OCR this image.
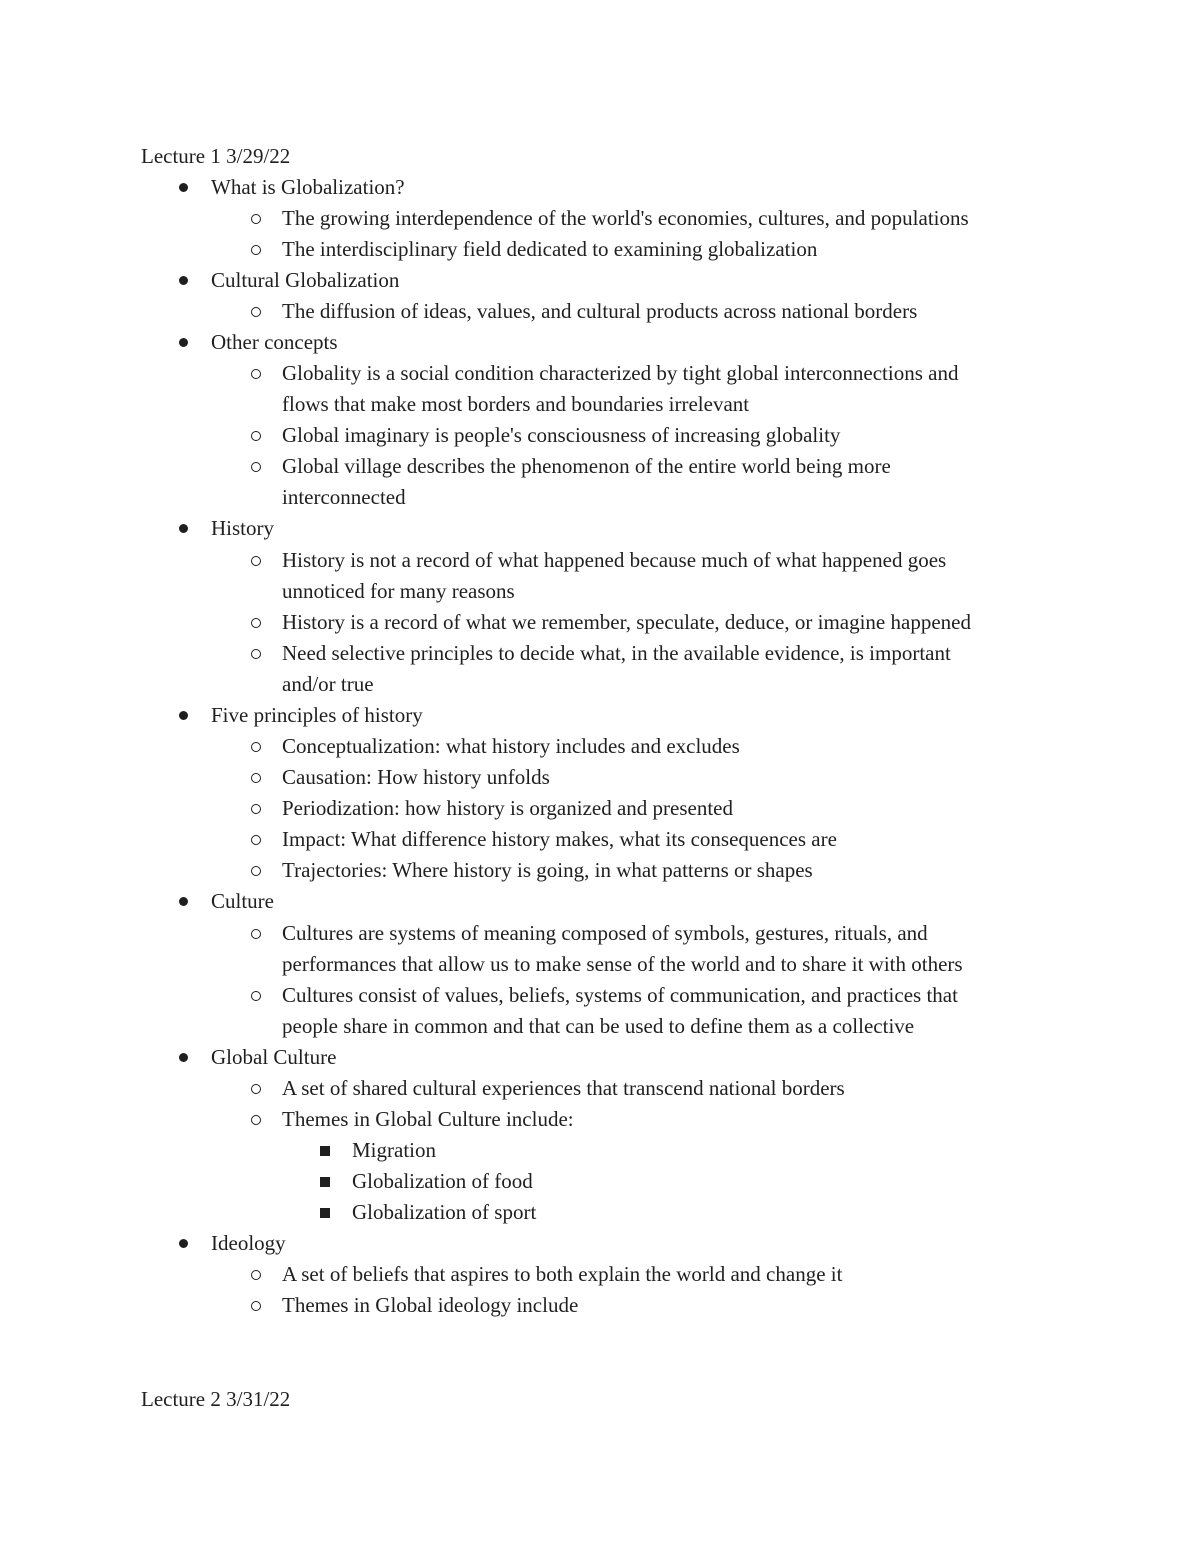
Lecture 1 3/29/22
What is Globalization?
The growing interdependence of the world's economies, cultures, and populations
The interdisciplinary field dedicated to examining globalization
Cultural Globalization
The diffusion of ideas, values, and cultural products across national borders
Other concepts
Globality is a social condition characterized by tight global interconnections and
flows that make most borders and boundaries irrelevant
Global imaginary is people's consciousness of increasing globality
Global village describes the phenomenon of the entire world being more
interconnected
History
History is not a record of what happened because much of what happened goes
unnoticed for many reasons
History is a record of what we remember, speculate, deduce, or imagine happened
Need selective principles to decide what, in the available evidence, is important
and/or true
Five principles of history
Conceptualization: what history includes and excludes
Causation: How history unfolds
Periodization: how history is organized and presented
Impact: What difference history makes, what its consequences are
Trajectories: Where history is going, in what patterns or shapes
Culture
Cultures are systems of meaning composed of symbols, gestures, rituals, and
performances that allow us to make sense of the world and to share it with others
Cultures consist of values, beliefs, systems of communication, and practices that
people share in common and that can be used to define them as a collective
Global Culture
A set of shared cultural experiences that transcend national borders
Themes in Global Culture include:
Migration
Globalization of food
Globalization of sport
Ideology
A set of beliefs that aspires to both explain the world and change it
Themes in Global ideology include
Lecture 2 3/31/22
